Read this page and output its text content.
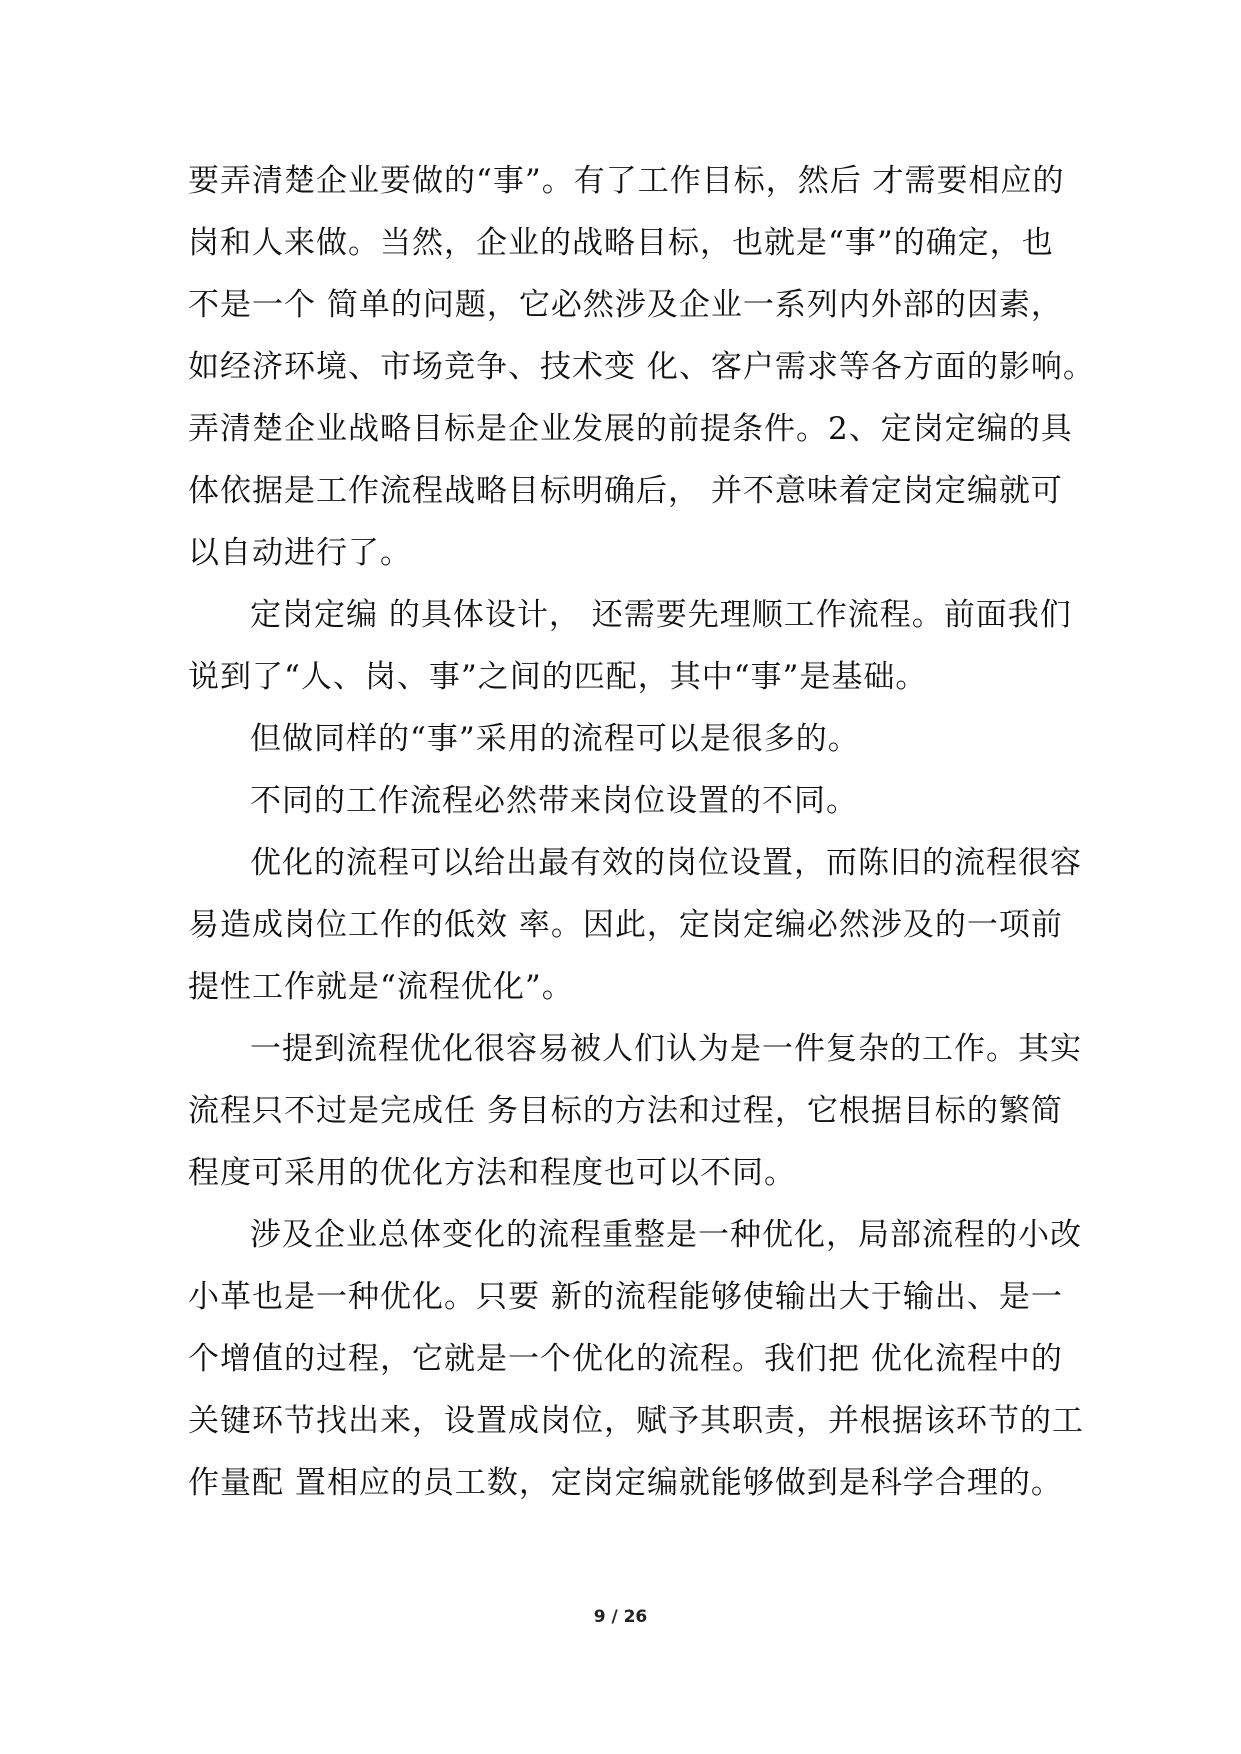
要弄清楚企业要做的“事”。有了工作目标，然后 才需要相应的
岗和人来做。当然，企业的战略目标，也就是“事”的确定，也
不是一个 简单的问题，它必然涉及企业一系列内外部的因素，
如经济环境、市场竞争、技术变 化、客户需求等各方面的影响。
弄清楚企业战略目标是企业发展的前提条件。2、定岗定编的具
体依据是工作流程战略目标明确后， 并不意味着定岗定编就可
以自动进行了。
定岗定编 的具体设计， 还需要先理顺工作流程。前面我们
说到了“人、岗、事”之间的匹配，其中“事”是基础。
但做同样的“事”采用的流程可以是很多的。
不同的工作流程必然带来岗位设置的不同。
优化的流程可以给出最有效的岗位设置，而陈旧的流程很容
易造成岗位工作的低效 率。因此，定岗定编必然涉及的一项前
提性工作就是“流程优化”。
一提到流程优化很容易被人们认为是一件复杂的工作。其实
流程只不过是完成任 务目标的方法和过程，它根据目标的繁简
程度可采用的优化方法和程度也可以不同。
涉及企业总体变化的流程重整是一种优化，局部流程的小改
小革也是一种优化。只要 新的流程能够使输出大于输出、是一
个增值的过程，它就是一个优化的流程。我们把 优化流程中的
关键环节找出来，设置成岗位，赋予其职责，并根据该环节的工
作量配 置相应的员工数，定岗定编就能够做到是科学合理的。
9 / 26
